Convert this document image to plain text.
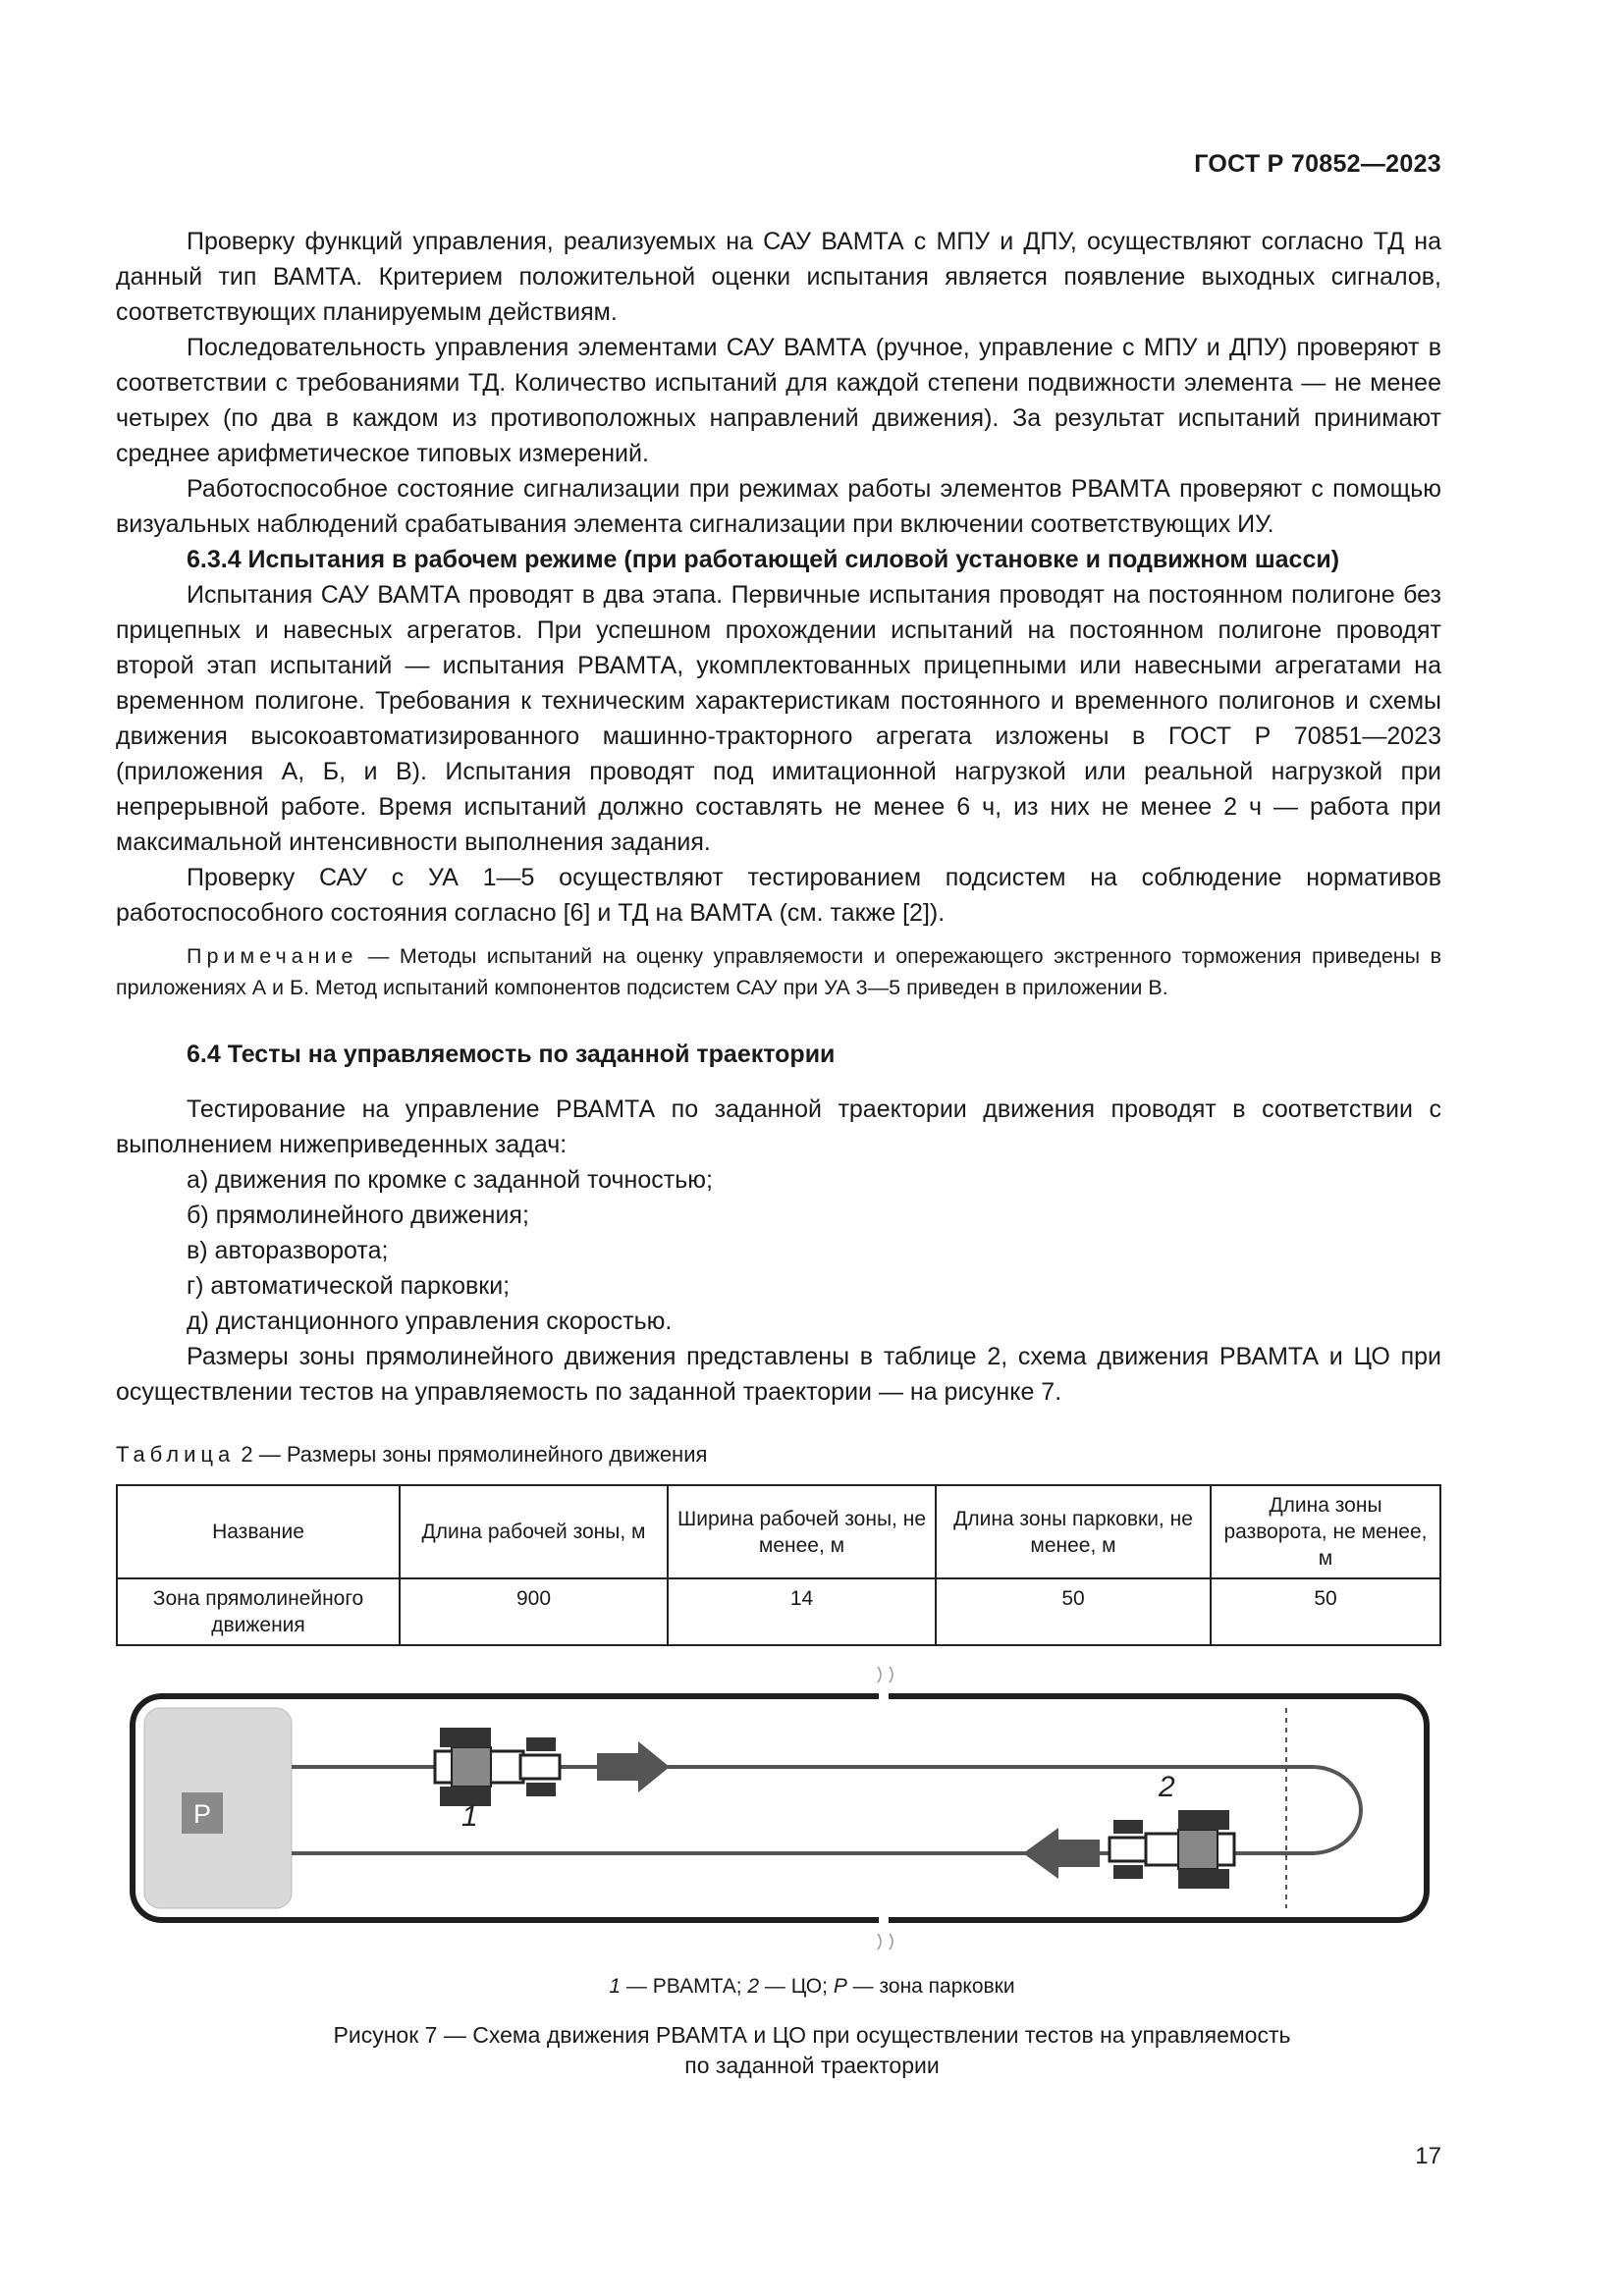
ГОСТ Р 70852—2023

Проверку функций управления, реализуемых на САУ ВАМТА с МПУ и ДПУ, осуществляют согласно ТД на данный тип ВАМТА. Критерием положительной оценки испытания является появление выходных сигналов, соответствующих планируемым действиям.

Последовательность управления элементами САУ ВАМТА (ручное, управление с МПУ и ДПУ) проверяют в соответствии с требованиями ТД. Количество испытаний для каждой степени подвижности элемента — не менее четырех (по два в каждом из противоположных направлений движения). За результат испытаний принимают среднее арифметическое типовых измерений.

Работоспособное состояние сигнализации при режимах работы элементов РВАМТА проверяют с помощью визуальных наблюдений срабатывания элемента сигнализации при включении соответствующих ИУ.

6.3.4 Испытания в рабочем режиме (при работающей силовой установке и подвижном шасси)

Испытания САУ ВАМТА проводят в два этапа. Первичные испытания проводят на постоянном полигоне без прицепных и навесных агрегатов. При успешном прохождении испытаний на постоянном полигоне проводят второй этап испытаний — испытания РВАМТА, укомплектованных прицепными или навесными агрегатами на временном полигоне. Требования к техническим характеристикам постоянного и временного полигонов и схемы движения высокоавтоматизированного машинно-тракторного агрегата изложены в ГОСТ Р 70851—2023 (приложения А, Б, и В). Испытания проводят под имитационной нагрузкой или реальной нагрузкой при непрерывной работе. Время испытаний должно составлять не менее 6 ч, из них не менее 2 ч — работа при максимальной интенсивности выполнения задания.

Проверку САУ с УА 1—5 осуществляют тестированием подсистем на соблюдение нормативов работоспособного состояния согласно [6] и ТД на ВАМТА (см. также [2]).

Примечание — Методы испытаний на оценку управляемости и опережающего экстренного торможения приведены в приложениях А и Б. Метод испытаний компонентов подсистем САУ при УА 3—5 приведен в приложении В.

6.4 Тесты на управляемость по заданной траектории

Тестирование на управление РВАМТА по заданной траектории движения проводят в соответствии с выполнением нижеприведенных задач:

а) движения по кромке с заданной точностью;

б) прямолинейного движения;

в) авторазворота;

г) автоматической парковки;

д) дистанционного управления скоростью.

Размеры зоны прямолинейного движения представлены в таблице 2, схема движения РВАМТА и ЦО при осуществлении тестов на управляемость по заданной траектории — на рисунке 7.

Таблица 2 — Размеры зоны прямолинейного движения

Название	Длина рабочей зоны, м	Ширина рабочей зоны, не менее, м	Длина зоны парковки, не менее, м	Длина зоны разворота, не менее, м
Зона прямолинейного движения	900	14	50	50
P	1
2
1 — РВАМТА; 2 — ЦО; Р — зона парковки
Рисунок 7 — Схема движения РВАМТА и ЦО при осуществлении тестов на управляемость
по заданной траектории
17
